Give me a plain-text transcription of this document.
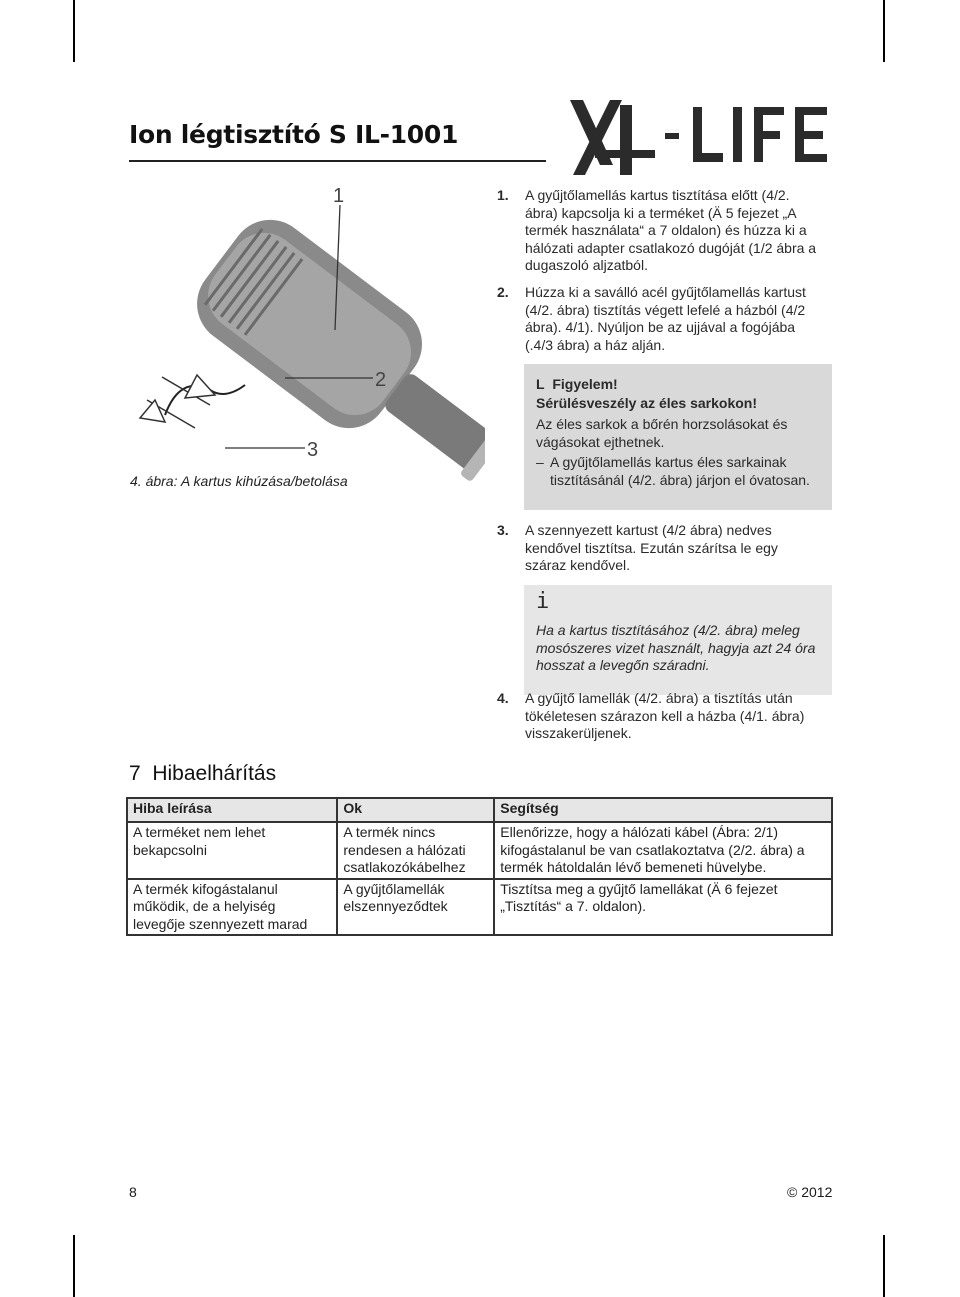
Ion légtisztító S IL-1001
1
2
3
4. ábra: A kartus kihúzása/betolása
1. A gyűjtőlamellás kartus tisztítása előtt (4/2. ábra) kapcsolja ki a terméket (Ä 5 fejezet „A termék használata“ a 7 oldalon) és húzza ki a hálózati adapter csatlakozó dugóját (1/2 ábra a dugaszoló aljzatból.
2. Húzza ki a saválló acél gyűjtőlamellás kartust (4/2. ábra) tisztítás végett lefelé a házból (4/2 ábra). 4/1). Nyúljon be az ujjával a fogójába (.4/3 ábra) a ház alján.
L Figyelem!
Sérülésveszély az éles sarkokon!
Az éles sarkok a bőrén horzsolásokat és vágásokat ejthetnek.
– A gyűjtőlamellás kartus éles sarkainak tisztításánál (4/2. ábra) járjon el óvatosan.
3. A szennyezett kartust (4/2 ábra) nedves kendővel tisztítsa. Ezután szárítsa le egy száraz kendővel.
i
Ha a kartus tisztításához (4/2. ábra) meleg mosószeres vizet használt, hagyja azt 24 óra hosszat a levegőn száradni.
4. A gyűjtő lamellák (4/2. ábra) a tisztítás után tökéletesen szárazon kell a házba (4/1. ábra) visszakerüljenek.
7  Hibaelhárítás
Hiba leírása	Ok	Segítség
A terméket nem lehet bekapcsolni	A termék nincs rendesen a hálózati csatlakozókábelhez	Ellenőrizze, hogy a hálózati kábel (Ábra: 2/1) kifogástalanul be van csatlakoztatva (2/2. ábra) a termék hátoldalán lévő bemeneti hüvelybe.
A termék kifogástalanul működik, de a helyiség levegője szennyezett marad	A gyűjtőlamellák elszennyeződtek	Tisztítsa meg a gyűjtő lamellákat (Ä 6 fejezet „Tisztítás“ a 7. oldalon).
8	© 2012
